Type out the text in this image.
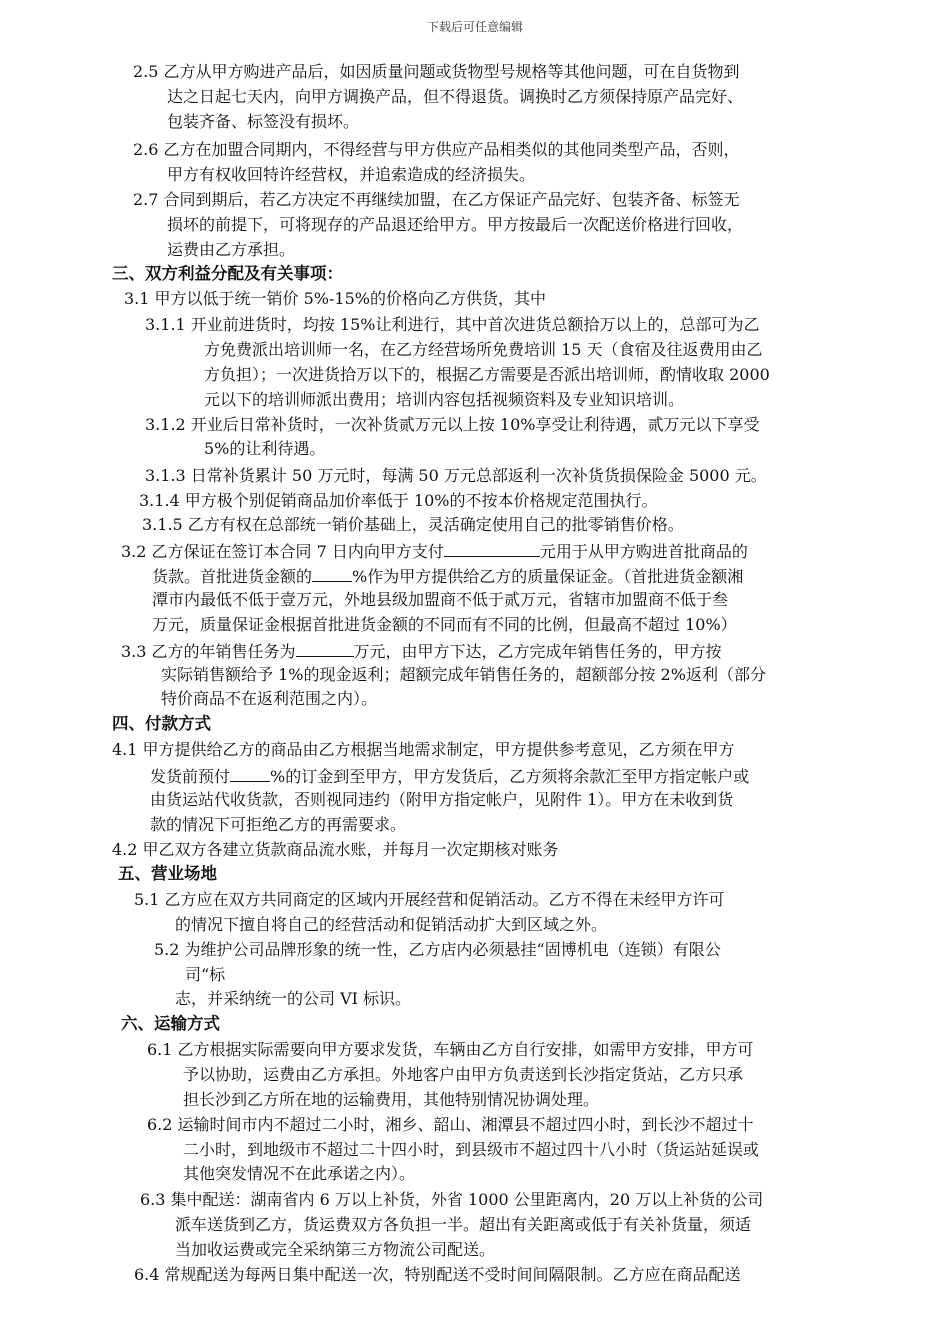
下载后可任意编辑
2.5 乙方从甲方购进产品后，如因质量问题或货物型号规格等其他问题，可在自货物到
达之日起七天内，向甲方调换产品，但不得退货。调换时乙方须保持原产品完好、
包装齐备、标签没有损坏。
2.6 乙方在加盟合同期内，不得经营与甲方供应产品相类似的其他同类型产品，否则，
甲方有权收回特许经营权，并追索造成的经济损失。
2.7 合同到期后，若乙方决定不再继续加盟，在乙方保证产品完好、包装齐备、标签无
损坏的前提下，可将现存的产品退还给甲方。甲方按最后一次配送价格进行回收，
运费由乙方承担。
三、双方利益分配及有关事项：
3.1 甲方以低于统一销价 5%-15%的价格向乙方供货，其中
3.1.1 开业前进货时，均按 15%让利进行，其中首次进货总额拾万以上的，总部可为乙
方免费派出培训师一名，在乙方经营场所免费培训 15 天（食宿及往返费用由乙
方负担）；一次进货拾万以下的，根据乙方需要是否派出培训师，酌情收取 2000
元以下的培训师派出费用；培训内容包括视频资料及专业知识培训。
3.1.2 开业后日常补货时，一次补货贰万元以上按 10%享受让利待遇，贰万元以下享受
5%的让利待遇。
3.1.3 日常补货累计 50 万元时，每满 50 万元总部返利一次补货货损保险金 5000 元。
3.1.4 甲方极个别促销商品加价率低于 10%的不按本价格规定范围执行。
3.1.5 乙方有权在总部统一销价基础上，灵活确定使用自己的批零销售价格。
3.2 乙方保证在签订本合同 7 日内向甲方支付	元用于从甲方购进首批商品的
货款。首批进货金额的	%作为甲方提供给乙方的质量保证金。（首批进货金额湘
潭市内最低不低于壹万元，外地县级加盟商不低于贰万元，省辖市加盟商不低于叁
万元，质量保证金根据首批进货金额的不同而有不同的比例，但最高不超过 10%）
3.3 乙方的年销售任务为	万元，由甲方下达，乙方完成年销售任务的，甲方按
实际销售额给予 1%的现金返利；超额完成年销售任务的，超额部分按 2%返利（部分
特价商品不在返利范围之内）。
四、付款方式
4.1 甲方提供给乙方的商品由乙方根据当地需求制定，甲方提供参考意见，乙方须在甲方
发货前预付	%的订金到至甲方，甲方发货后，乙方须将余款汇至甲方指定帐户或
由货运站代收货款，否则视同违约（附甲方指定帐户，见附件 1）。甲方在未收到货
款的情况下可拒绝乙方的再需要求。
4.2 甲乙双方各建立货款商品流水账，并每月一次定期核对账务
五、营业场地
5.1 乙方应在双方共同商定的区域内开展经营和促销活动。乙方不得在未经甲方许可
的情况下擅自将自己的经营活动和促销活动扩大到区域之外。
5.2 为维护公司品牌形象的统一性，乙方店内必须悬挂“固博机电（连锁）有限公
司“标
志，并采纳统一的公司 VI 标识。
六、运输方式
6.1 乙方根据实际需要向甲方要求发货，车辆由乙方自行安排，如需甲方安排，甲方可
予以协助，运费由乙方承担。外地客户由甲方负责送到长沙指定货站，乙方只承
担长沙到乙方所在地的运输费用，其他特别情况协调处理。
6.2 运输时间市内不超过二小时，湘乡、韶山、湘潭县不超过四小时，到长沙不超过十
二小时，到地级市不超过二十四小时，到县级市不超过四十八小时（货运站延误或
其他突发情况不在此承诺之内）。
6.3 集中配送：湖南省内 6 万以上补货，外省 1000 公里距离内，20 万以上补货的公司
派车送货到乙方，货运费双方各负担一半。超出有关距离或低于有关补货量，须适
当加收运费或完全采纳第三方物流公司配送。
6.4 常规配送为每两日集中配送一次，特别配送不受时间间隔限制。乙方应在商品配送
